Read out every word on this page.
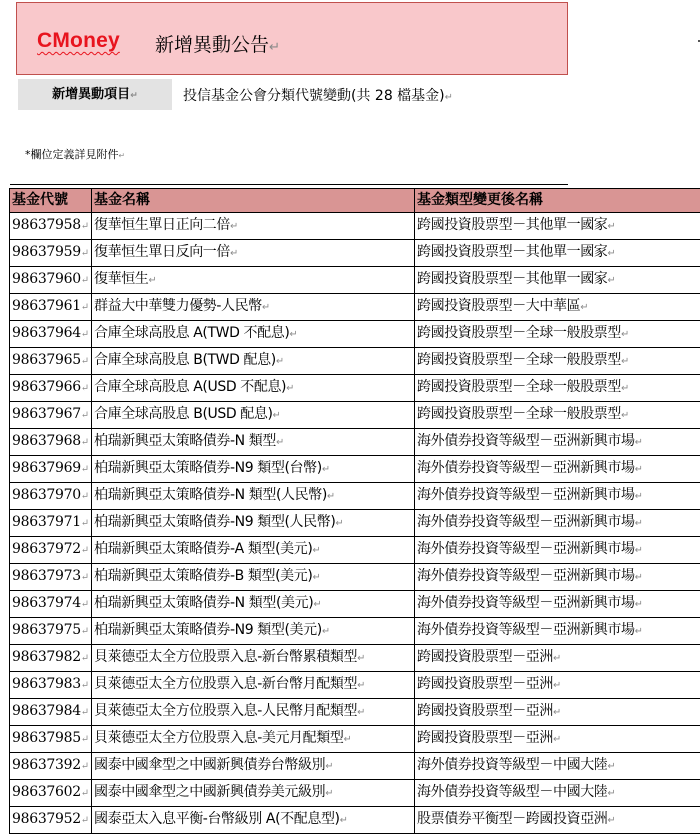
CMoney 新增異動公告↵
新增異動項目↵	投信基金公會分類代號變動(共 28 檔基金)↵
*欄位定義詳見附件↵
基金代號	基金名稱	基金類型變更後名稱
98637958↵	復華恒生單日正向二倍↵	跨國投資股票型－其他單一國家↵
98637959↵	復華恒生單日反向一倍↵	跨國投資股票型－其他單一國家↵
98637960↵	復華恒生↵	跨國投資股票型－其他單一國家↵
98637961↵	群益大中華雙力優勢-人民幣↵	跨國投資股票型－大中華區↵
98637964↵	合庫全球高股息 A(TWD 不配息)↵	跨國投資股票型－全球一般股票型↵
98637965↵	合庫全球高股息 B(TWD 配息)↵	跨國投資股票型－全球一般股票型↵
98637966↵	合庫全球高股息 A(USD 不配息)↵	跨國投資股票型－全球一般股票型↵
98637967↵	合庫全球高股息 B(USD 配息)↵	跨國投資股票型－全球一般股票型↵
98637968↵	柏瑞新興亞太策略債券-N 類型↵	海外債券投資等級型－亞洲新興市場↵
98637969↵	柏瑞新興亞太策略債券-N9 類型(台幣)↵	海外債券投資等級型－亞洲新興市場↵
98637970↵	柏瑞新興亞太策略債券-N 類型(人民幣)↵	海外債券投資等級型－亞洲新興市場↵
98637971↵	柏瑞新興亞太策略債券-N9 類型(人民幣)↵	海外債券投資等級型－亞洲新興市場↵
98637972↵	柏瑞新興亞太策略債券-A 類型(美元)↵	海外債券投資等級型－亞洲新興市場↵
98637973↵	柏瑞新興亞太策略債券-B 類型(美元)↵	海外債券投資等級型－亞洲新興市場↵
98637974↵	柏瑞新興亞太策略債券-N 類型(美元)↵	海外債券投資等級型－亞洲新興市場↵
98637975↵	柏瑞新興亞太策略債券-N9 類型(美元)↵	海外債券投資等級型－亞洲新興市場↵
98637982↵	貝萊德亞太全方位股票入息-新台幣累積類型↵	跨國投資股票型－亞洲↵
98637983↵	貝萊德亞太全方位股票入息-新台幣月配類型↵	跨國投資股票型－亞洲↵
98637984↵	貝萊德亞太全方位股票入息-人民幣月配類型↵	跨國投資股票型－亞洲↵
98637985↵	貝萊德亞太全方位股票入息-美元月配類型↵	跨國投資股票型－亞洲↵
98637392↵	國泰中國傘型之中國新興債券台幣級別↵	海外債券投資等級型－中國大陸↵
98637602↵	國泰中國傘型之中國新興債券美元級別↵	海外債券投資等級型－中國大陸↵
98637952↵	國泰亞太入息平衡-台幣級別 A(不配息型)↵	股票債券平衡型－跨國投資亞洲↵
